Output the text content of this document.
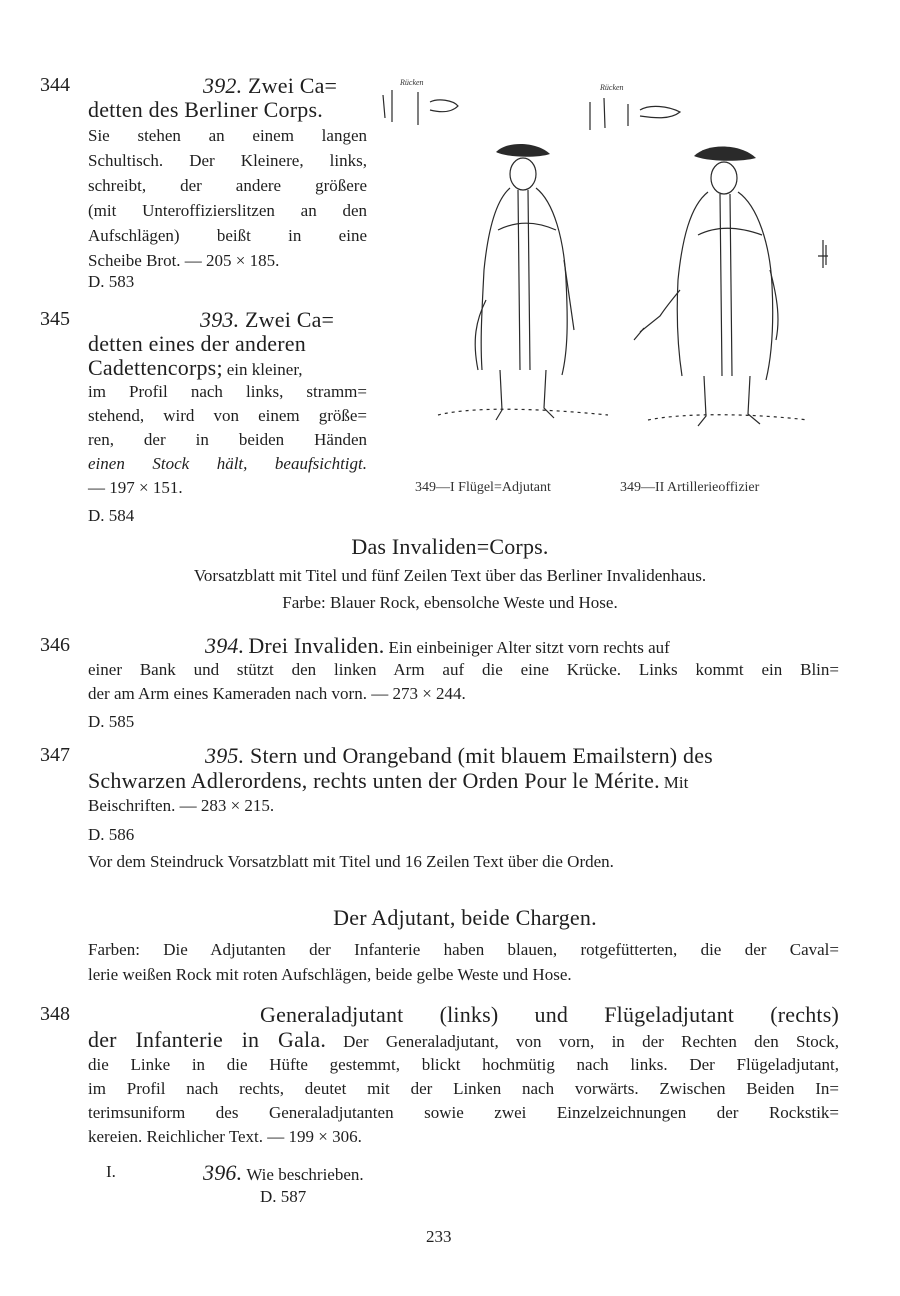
344	392. Zwei Ca=
detten des Berliner Corps.
Sie stehen an einem langen
Schultisch. Der Kleinere, links,
schreibt, der andere größere
(mit Unteroffizierslitzen an den
Aufschlägen) beißt in eine
Scheibe Brot. — 205 × 185.
D. 583
345	393. Zwei Ca=
detten eines der anderen
Cadettencorps; ein kleiner,
im Profil nach links, stramm=
stehend, wird von einem größe=
ren, der in beiden Händen
einen Stock hält, beaufsichtigt.
— 197 × 151.
D. 584
Rücken
Rücken
349—I Flügel=Adjutant	349—II Artillerieoffizier
Das Invaliden=Corps.
Vorsatzblatt mit Titel und fünf Zeilen Text über das Berliner Invalidenhaus.
Farbe: Blauer Rock, ebensolche Weste und Hose.
346	394. Drei Invaliden. Ein einbeiniger Alter sitzt vorn rechts auf
einer Bank und stützt den linken Arm auf die eine Krücke. Links kommt ein Blin=
der am Arm eines Kameraden nach vorn. — 273 × 244.
D. 585
347	395. Stern und Orangeband (mit blauem Emailstern) des
Schwarzen Adlerordens, rechts unten der Orden Pour le Mérite. Mit
Beischriften. — 283 × 215.
D. 586
Vor dem Steindruck Vorsatzblatt mit Titel und 16 Zeilen Text über die Orden.
Der Adjutant, beide Chargen.
Farben: Die Adjutanten der Infanterie haben blauen, rotgefütterten, die der Caval=
lerie weißen Rock mit roten Aufschlägen, beide gelbe Weste und Hose.
348	Generaladjutant (links) und Flügeladjutant (rechts)
der Infanterie in Gala. Der Generaladjutant, von vorn, in der Rechten den Stock,
die Linke in die Hüfte gestemmt, blickt hochmütig nach links. Der Flügeladjutant,
im Profil nach rechts, deutet mit der Linken nach vorwärts. Zwischen Beiden In=
terimsuniform des Generaladjutanten sowie zwei Einzelzeichnungen der Rockstik=
kereien. Reichlicher Text. — 199 × 306.
I.	396. Wie beschrieben.
D. 587
233
